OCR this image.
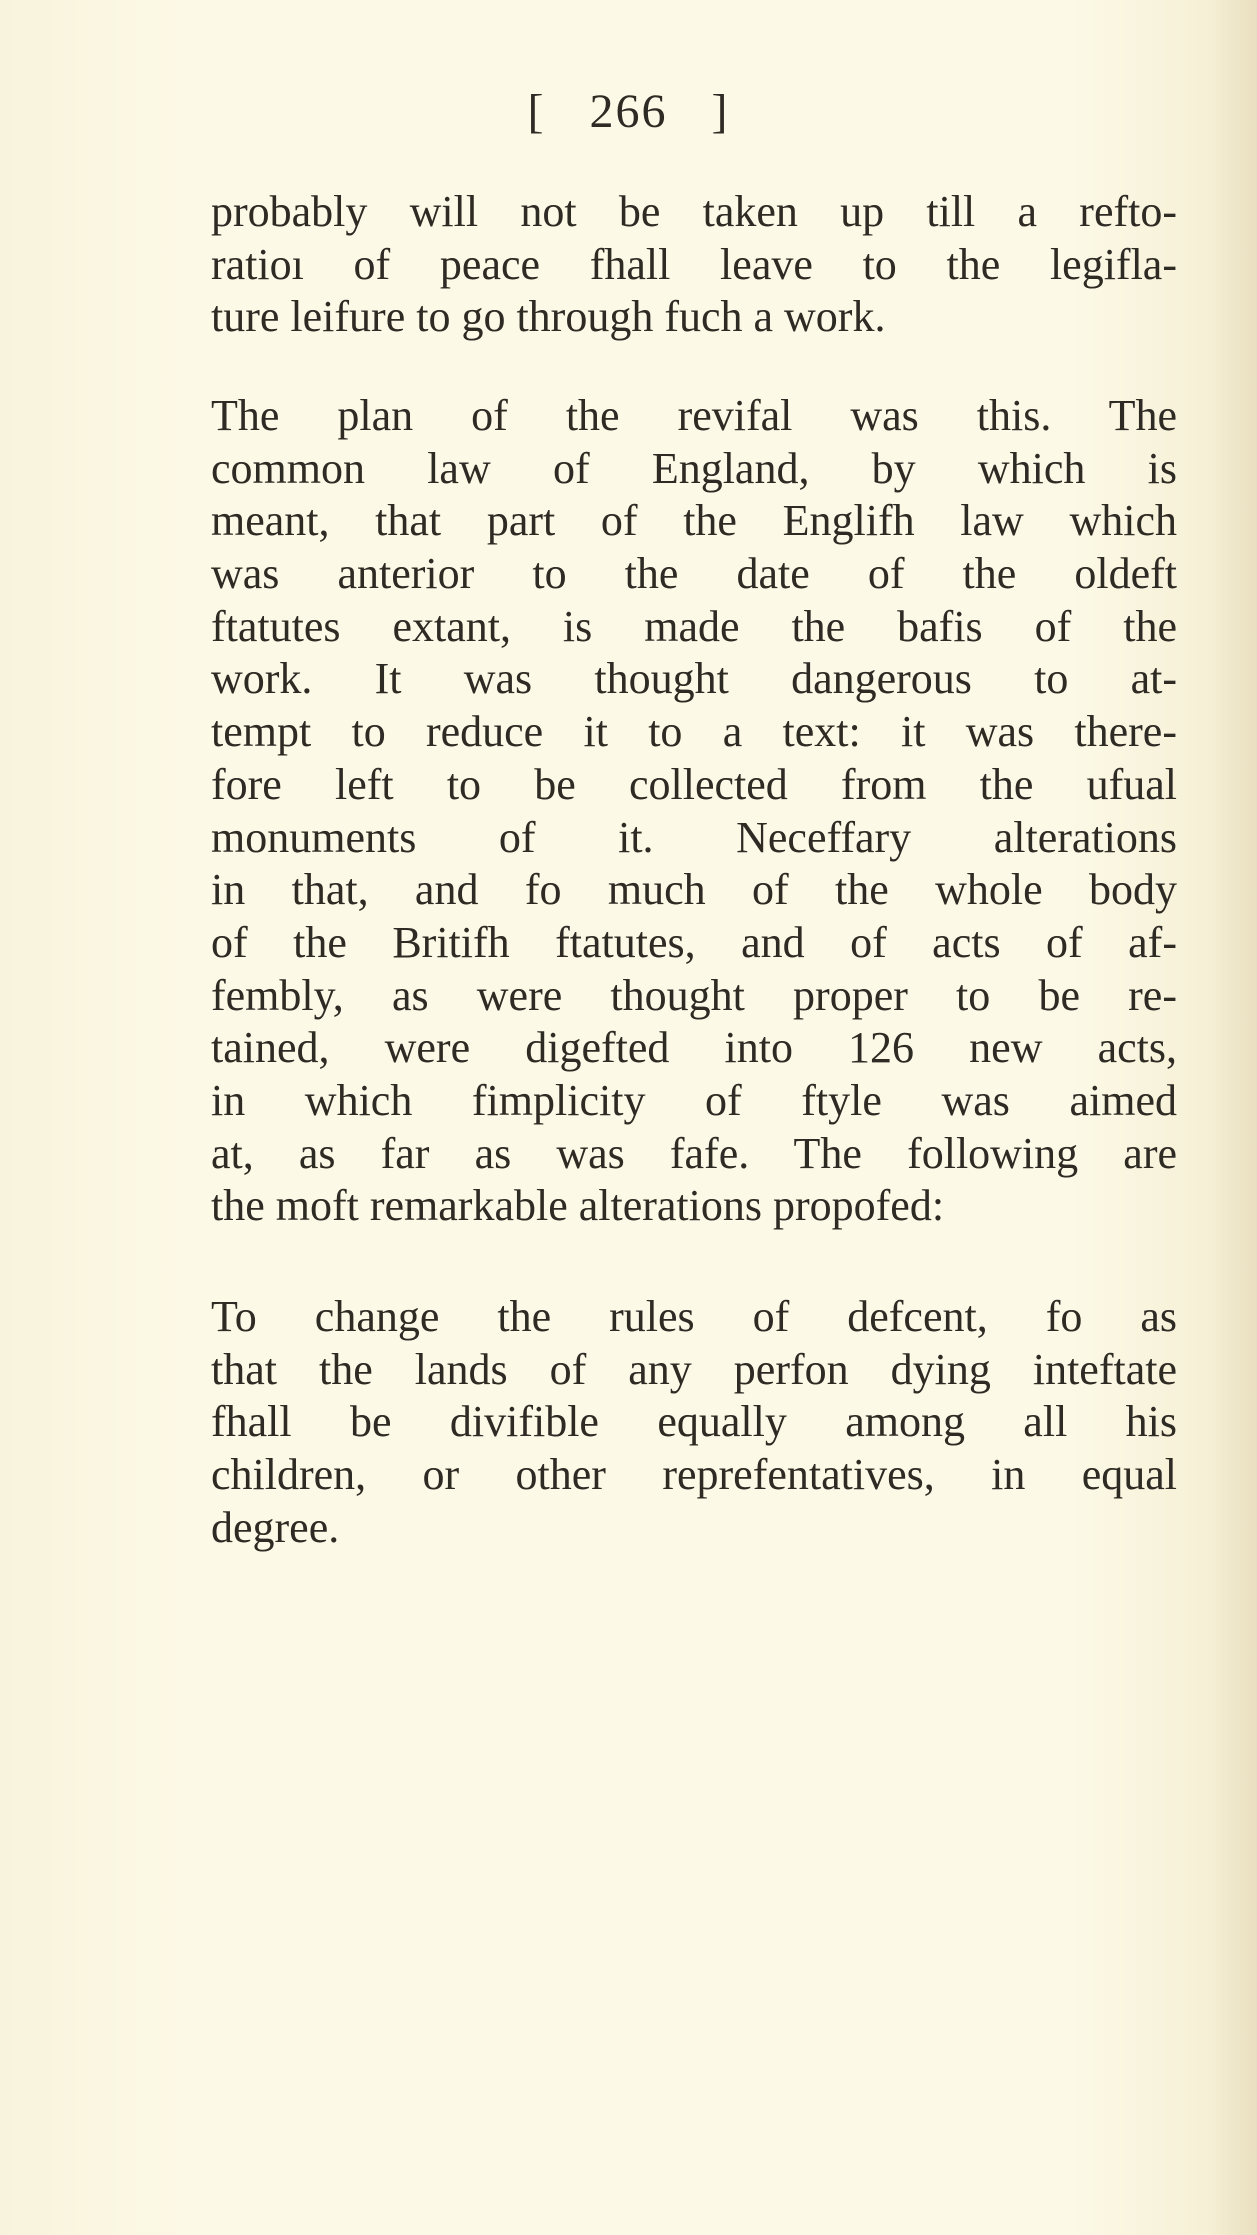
[ 266 ]
probably will not be taken up till a refto-
ratioı of peace fhall leave to the legifla-
ture leifure to go through fuch a work.
The plan of the revifal was this. The
common law of England, by which is
meant, that part of the Englifh law which
was anterior to the date of the oldeft
ftatutes extant, is made the bafis of the
work. It was thought dangerous to at-
tempt to reduce it to a text: it was there-
fore left to be collected from the ufual
monuments of it. Neceffary alterations
in that, and fo much of the whole body
of the Britifh ftatutes, and of acts of af-
fembly, as were thought proper to be re-
tained, were digefted into 126 new acts,
in which fimplicity of ftyle was aimed
at, as far as was fafe. The following are
the moft remarkable alterations propofed:
To change the rules of defcent, fo as
that the lands of any perfon dying inteftate
fhall be divifible equally among all his
children, or other reprefentatives, in equal
degree.
